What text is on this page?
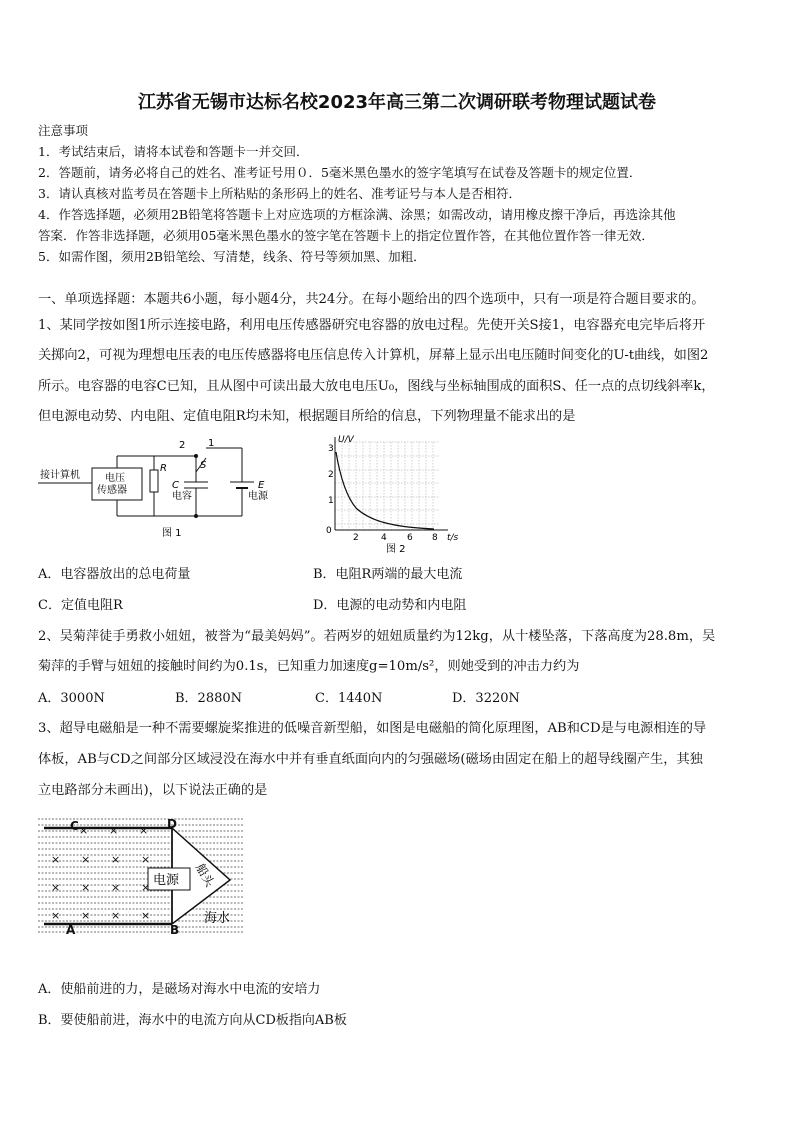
江苏省无锡市达标名校2023年高三第二次调研联考物理试题试卷
注意事项
1．考试结束后，请将本试卷和答题卡一并交回．
2．答题前，请务必将自己的姓名、准考证号用０．5毫米黑色墨水的签字笔填写在试卷及答题卡的规定位置．
3．请认真核对监考员在答题卡上所粘贴的条形码上的姓名、准考证号与本人是否相符．
4．作答选择题，必须用2B铅笔将答题卡上对应选项的方框涂满、涂黑；如需改动，请用橡皮擦干净后，再选涂其他
答案．作答非选择题，必须用05毫米黑色墨水的签字笔在答题卡上的指定位置作答，在其他位置作答一律无效．
5．如需作图，须用2B铅笔绘、写清楚，线条、符号等须加黑、加粗．
一、单项选择题：本题共6小题，每小题4分，共24分。在每小题给出的四个选项中，只有一项是符合题目要求的。
1、某同学按如图1所示连接电路，利用电压传感器研究电容器的放电过程。先使开关S接1，电容器充电完毕后将开
关掷向2，可视为理想电压表的电压传感器将电压信息传入计算机，屏幕上显示出电压随时间变化的U-t曲线，如图2
所示。电容器的电容C已知，且从图中可读出最大放电电压U₀，图线与坐标轴围成的面积S、任一点的点切线斜率k，
但电源电动势、内电阻、定值电阻R均未知，根据题目所给的信息，下列物理量不能求出的是
接计算机	电压
传感器
R
C
电容
E
电源
S
1
2
图 1
U/V
1
2
3
0
2 4 6 8 t/s
图 2
A．电容器放出的总电荷量	B．电阻R两端的最大电流
C．定值电阻R	D．电源的电动势和内电阻
2、吴菊萍徒手勇救小妞妞，被誉为“最美妈妈”。若两岁的妞妞质量约为12kg，从十楼坠落，下落高度为28.8m，吴
菊萍的手臂与妞妞的接触时间约为0.1s，已知重力加速度g=10m/s²，则她受到的冲击力约为
A．3000N	B．2880N	C．1440N	D．3220N
3、超导电磁船是一种不需要螺旋桨推进的低噪音新型船，如图是电磁船的简化原理图，AB和CD是与电源相连的导
体板，AB与CD之间部分区域浸没在海水中并有垂直纸面向内的匀强磁场(磁场由固定在船上的超导线圈产生，其独
立电路部分未画出)，以下说法正确的是
电源 船头
海水
C	D
A	B
× × ×
× × × ×
× × × ×
× × × ×
A．使船前进的力，是磁场对海水中电流的安培力
B．要使船前进，海水中的电流方向从CD板指向AB板
